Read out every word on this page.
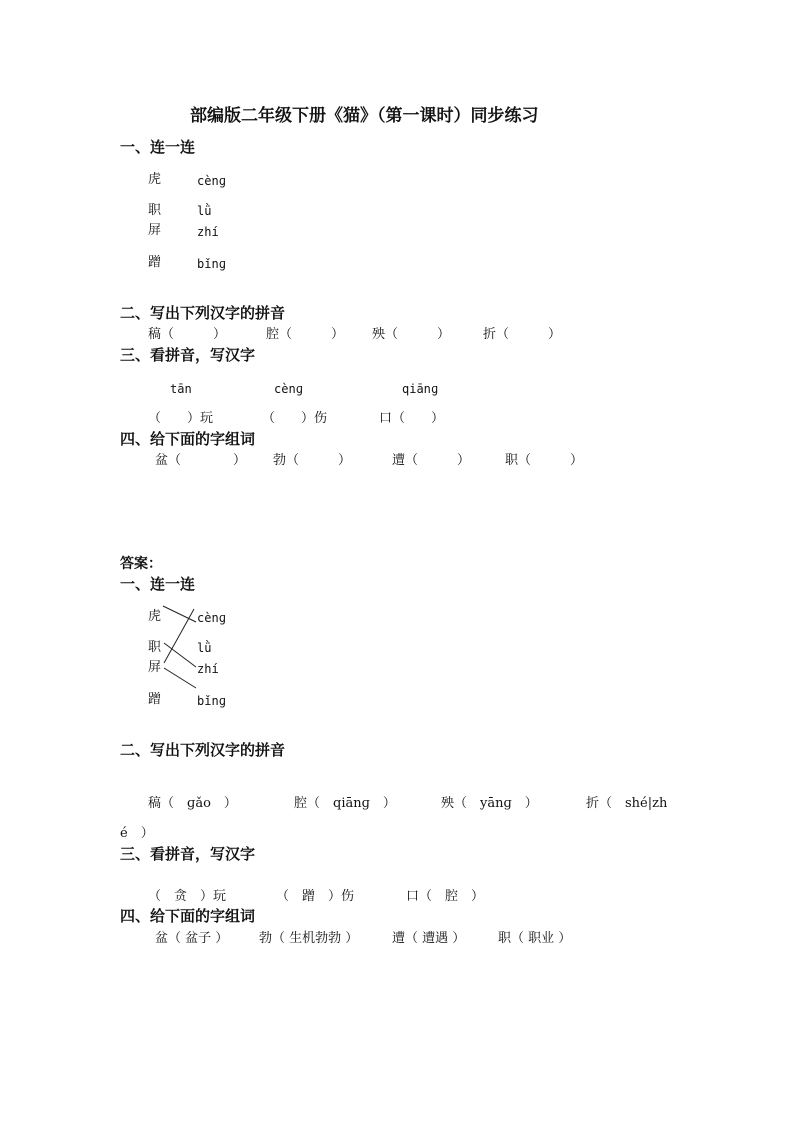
部编版二年级下册《猫》（第一课时）同步练习
一、连一连
虎	cènɡ
职	lǜ
屏	zhí
蹭	bǐnɡ
二、写出下列汉字的拼音
稿（　　　）	腔（　　　） 殃（　　　）	折（　　　）
三、看拼音，写汉字
tān	cènɡ	qiānɡ
（　　）玩	（　　）伤	口（　　）
四、给下面的字组词
盆（　　　　） 勃（　　　）	遭（　　　）	职（　　　）
答案：
一、连一连
虎	cènɡ
职	lǜ
屏	zhí
蹭	bǐnɡ
二、写出下列汉字的拼音
稿（　ɡǎo　）	腔（　qiānɡ　）	殃（　yānɡ　）	折（　shé|zh
é　）
三、看拼音，写汉字
（　贪　）玩	（　蹭　）伤	口（　腔　）
四、给下面的字组词
盆（ 盆子 ） 勃（ 生机勃勃 ）	遭（ 遭遇 ）	职（ 职业 ）
